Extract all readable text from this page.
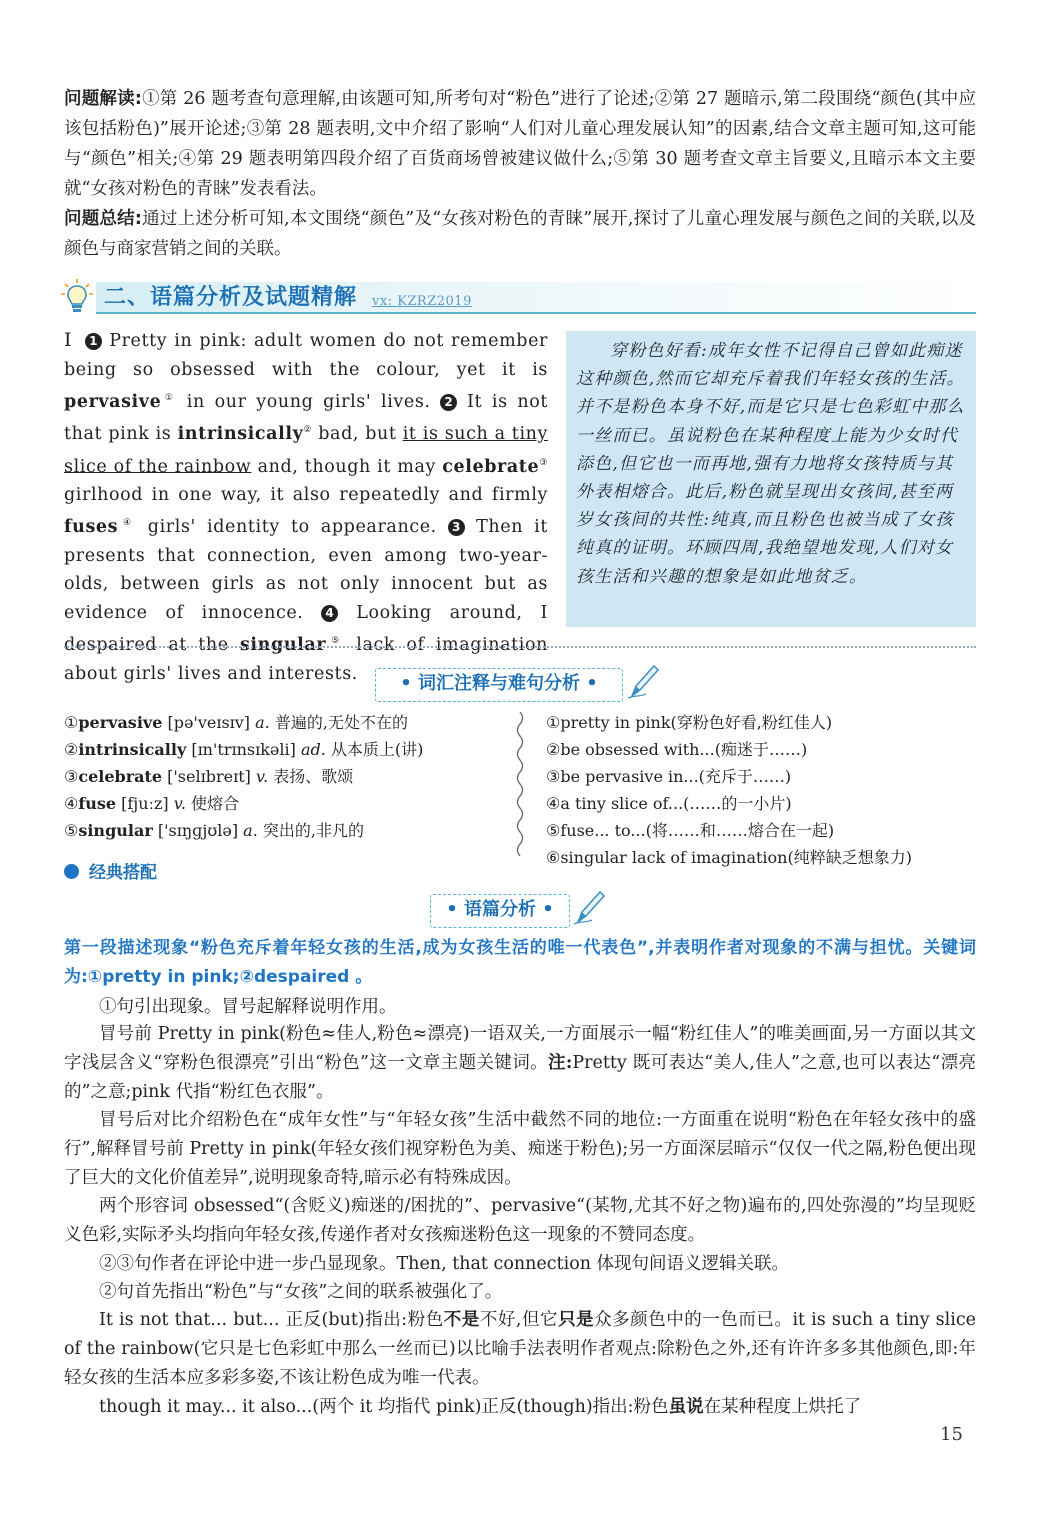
问题解读:①第 26 题考查句意理解,由该题可知,所考句对“粉色”进行了论述;②第 27 题暗示,第二段围绕“颜色(其中应该包括粉色)”展开论述;③第 28 题表明,文中介绍了影响“人们对儿童心理发展认知”的因素,结合文章主题可知,这可能与“颜色”相关;④第 29 题表明第四段介绍了百货商场曾被建议做什么;⑤第 30 题考查文章主旨要义,且暗示本文主要就“女孩对粉色的青睐”发表看法。

问题总结:通过上述分析可知,本文围绕“颜色”及“女孩对粉色的青睐”展开,探讨了儿童心理发展与颜色之间的关联,以及颜色与商家营销之间的关联。

二、语篇分析及试题精解 vx: KZRZ2019
I 1 Pretty in pink: adult women do not remember being so obsessed with the colour, yet it is pervasive① in our young girls' lives. 2 It is not that pink is intrinsically② bad, but it is such a tiny slice of the rainbow and, though it may celebrate③ girlhood in one way, it also repeatedly and firmly fuses④ girls' identity to appearance. 3 Then it presents that connection, even among two-year-olds, between girls as not only innocent but as evidence of innocence. 4 Looking around, I despaired at the singular⑤ lack of imagination about girls' lives and interests.
穿粉色好看:成年女性不记得自己曾如此痴迷这种颜色,然而它却充斥着我们年轻女孩的生活。并不是粉色本身不好,而是它只是七色彩虹中那么一丝而已。虽说粉色在某种程度上能为少女时代添色,但它也一而再地,强有力地将女孩特质与其外表相熔合。此后,粉色就呈现出女孩间,甚至两岁女孩间的共性:纯真,而且粉色也被当成了女孩纯真的证明。环顾四周,我绝望地发现,人们对女孩生活和兴趣的想象是如此地贫乏。
• 词汇注释与难句分析 •
①pervasive [pə'veɪsɪv] a. 普遍的,无处不在的
②intrinsically [ɪn'trɪnsɪkəli] ad. 从本质上(讲)
③celebrate ['selɪbreɪt] v. 表扬、歌颂
④fuse [fjuːz] v. 使熔合
⑤singular ['sɪŋɡjʊlə] a. 突出的,非凡的
①pretty in pink(穿粉色好看,粉红佳人)
②be obsessed with...(痴迷于……)
③be pervasive in...(充斥于……)
④a tiny slice of...(……的一小片)
⑤fuse... to...(将……和……熔合在一起)
⑥singular lack of imagination(纯粹缺乏想象力)
经典搭配
• 语篇分析 •

第一段描述现象“粉色充斥着年轻女孩的生活,成为女孩生活的唯一代表色”,并表明作者对现象的不满与担忧。关键词为:①pretty in pink;②despaired 。

①句引出现象。冒号起解释说明作用。

冒号前 Pretty in pink(粉色≈佳人,粉色≈漂亮)一语双关,一方面展示一幅“粉红佳人”的唯美画面,另一方面以其文字浅层含义“穿粉色很漂亮”引出“粉色”这一文章主题关键词。注:Pretty 既可表达“美人,佳人”之意,也可以表达“漂亮的”之意;pink 代指“粉红色衣服”。

冒号后对比介绍粉色在“成年女性”与“年轻女孩”生活中截然不同的地位:一方面重在说明“粉色在年轻女孩中的盛行”,解释冒号前 Pretty in pink(年轻女孩们视穿粉色为美、痴迷于粉色);另一方面深层暗示“仅仅一代之隔,粉色便出现了巨大的文化价值差异”,说明现象奇特,暗示必有特殊成因。

两个形容词 obsessed“(含贬义)痴迷的/困扰的”、pervasive“(某物,尤其不好之物)遍布的,四处弥漫的”均呈现贬义色彩,实际矛头均指向年轻女孩,传递作者对女孩痴迷粉色这一现象的不赞同态度。

②③句作者在评论中进一步凸显现象。Then, that connection 体现句间语义逻辑关联。

②句首先指出“粉色”与“女孩”之间的联系被强化了。

It is not that... but... 正反(but)指出:粉色不是不好,但它只是众多颜色中的一色而已。it is such a tiny slice of the rainbow(它只是七色彩虹中那么一丝而已)以比喻手法表明作者观点:除粉色之外,还有许许多多其他颜色,即:年轻女孩的生活本应多彩多姿,不该让粉色成为唯一代表。

though it may... it also...(两个 it 均指代 pink)正反(though)指出:粉色虽说在某种程度上烘托了

15
